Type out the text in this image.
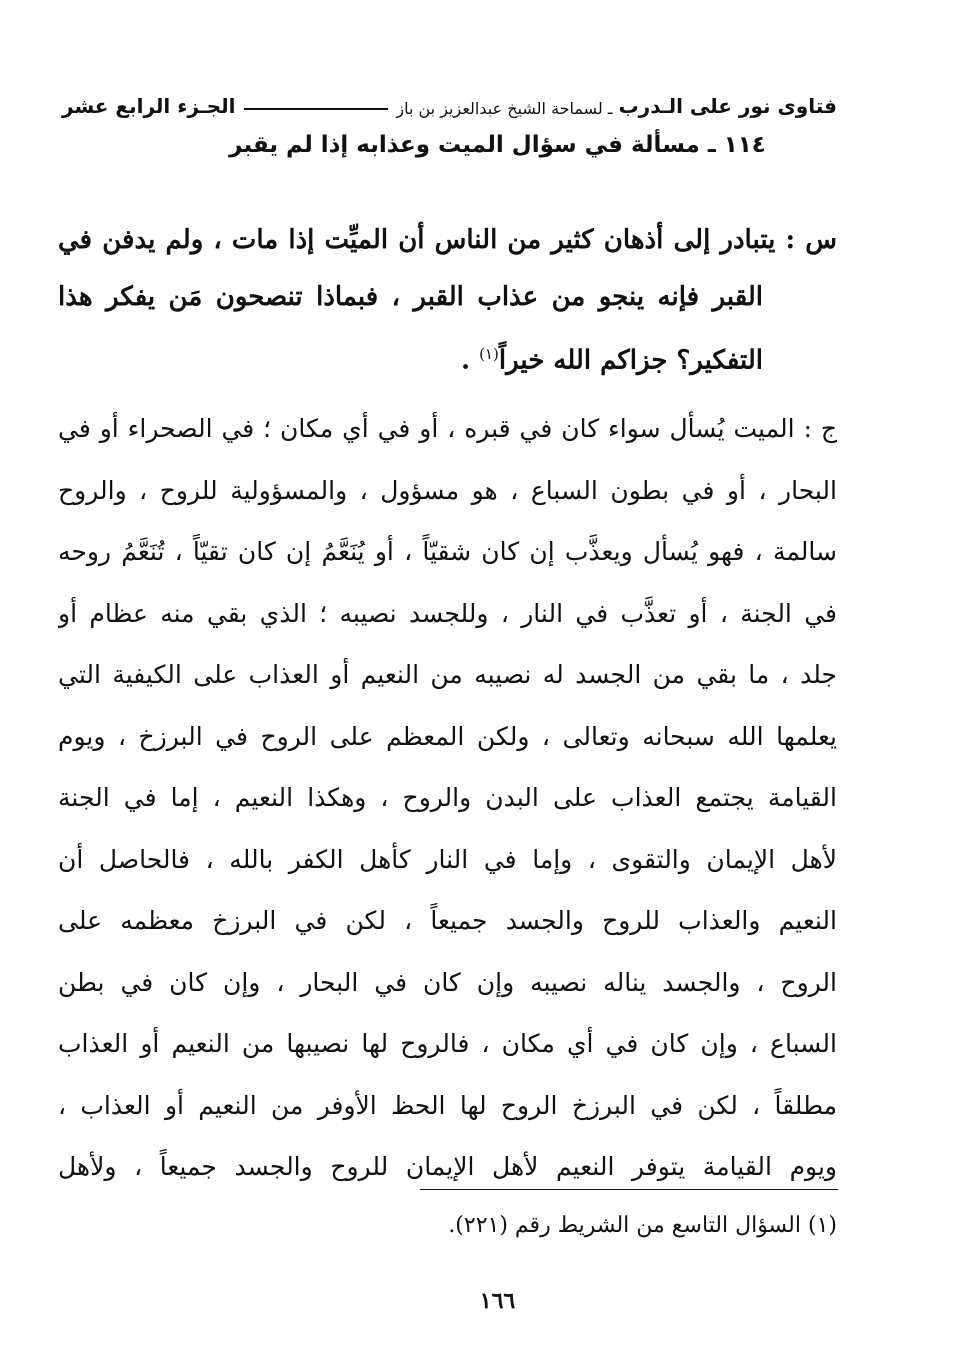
فتاوى نور على الـدرب
ـ لسماحة الشيخ عبدالعزيز بن باز
الجـزء الرابع عشر
١١٤ ـ مسألة في سؤال الميت وعذابه إذا لم يقبر
س : يتبادر إلى أذهان كثير من الناس أن الميِّت إذا مات ، ولم يدفن في
القبر فإنه ينجو من عذاب القبر ، فبماذا تنصحون مَن يفكر هذا
التفكير؟ جزاكم الله خيراً$^{(١)}$ .
ج : الميت يُسأل سواء كان في قبره ، أو في أي مكان ؛ في الصحراء أو في
البحار ، أو في بطون السباع ، هو مسؤول ، والمسؤولية للروح ، والروح
سالمة ، فهو يُسأل ويعذَّب إن كان شقيّاً ، أو يُنَعَّمُ إن كان تقيّاً ، تُنَعَّمُ روحه
في الجنة ، أو تعذَّب في النار ، وللجسد نصيبه ؛ الذي بقي منه عظام أو
جلد ، ما بقي من الجسد له نصيبه من النعيم أو العذاب على الكيفية التي
يعلمها الله سبحانه وتعالى ، ولكن المعظم على الروح في البرزخ ، ويوم
القيامة يجتمع العذاب على البدن والروح ، وهكذا النعيم ، إما في الجنة
لأهل الإيمان والتقوى ، وإما في النار كأهل الكفر بالله ، فالحاصل أن
النعيم والعذاب للروح والجسد جميعاً ، لكن في البرزخ معظمه على
الروح ، والجسد يناله نصيبه وإن كان في البحار ، وإن كان في بطن
السباع ، وإن كان في أي مكان ، فالروح لها نصيبها من النعيم أو العذاب
مطلقاً ، لكن في البرزخ الروح لها الحظ الأوفر من النعيم أو العذاب ،
ويوم القيامة يتوفر النعيم لأهل الإيمان للروح والجسد جميعاً ، ولأهل
(١) السؤال التاسع من الشريط رقم (٢٢١).
١٦٦
